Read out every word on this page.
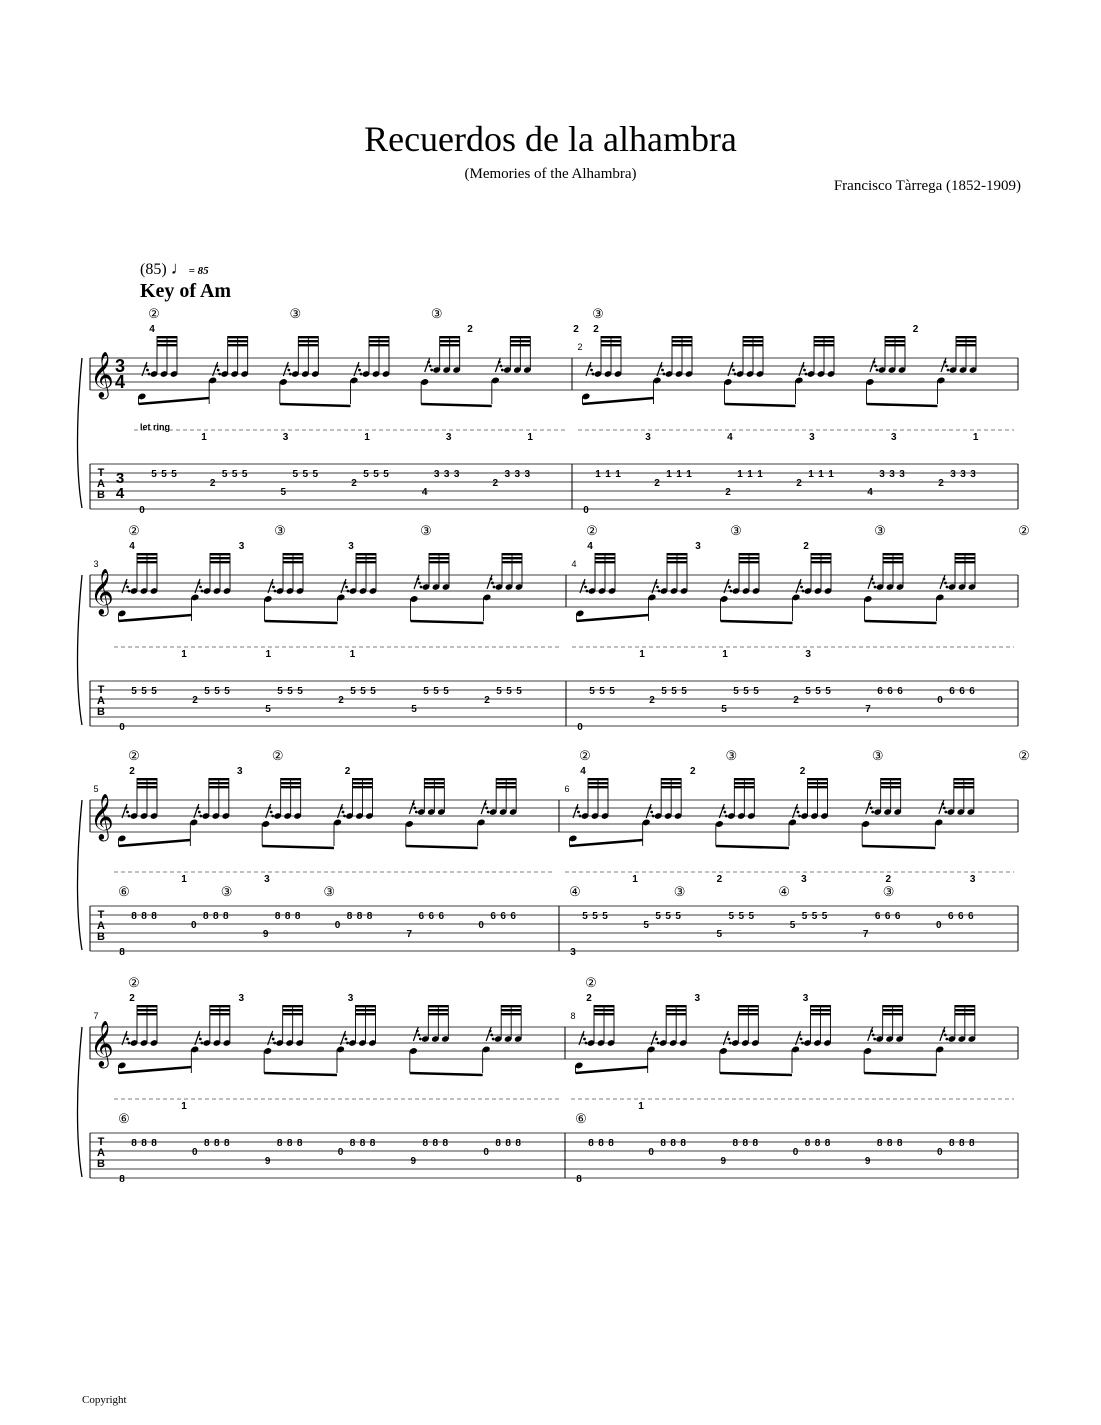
Recuerdos de la alhambra
(Memories of the Alhambra)
Francisco Tàrrega (1852-1909)
(85) ♩= 85
Key of Am
𝄞
T
A
B
3
4
3
4
let ring
1	3	1	3	1
4	2	2
②	③	③
5 5 5	5 5 5	5 5 5	5 5 5	3 3 3	3 3 3
0
2
5
2
4
2
2
3	4	3	3	1
2	2
③
1 1 1	1 1 1	1 1 1	1 1 1	3 3 3	3 3 3
0
2
2
2
4
2
𝄞
T
A
B
3
1	1	1
4	3	3
②	③	③
5 5 5	5 5 5	5 5 5	5 5 5	5 5 5	5 5 5
0
2
5
2
5
2
4
1	1	3
4	3	2
②	③	③	②
5 5 5	5 5 5	5 5 5	5 5 5	6 6 6	6 6 6
0
2
5
2
7
0
𝄞
T
A
B
5
1	3
⑥	③	③
2	3	2
②	②
8 8 8	8 8 8	8 8 8	8 8 8	6 6 6	6 6 6
8
0
9
0
7
0
6
1	2	3	2	3
④	③	④	③
4	2	2
②	③	③	②
5 5 5	5 5 5	5 5 5	5 5 5	6 6 6	6 6 6
3
5
5
5
7
0
𝄞
T
A
B
7
1
⑥
2	3	3
②
8 8 8	8 8 8	8 8 8	8 8 8	8 8 8	8 8 8
8
0
9
0
9
0
8
1
⑥
2	3	3
②
8 8 8	8 8 8	8 8 8	8 8 8	8 8 8	8 8 8
8
0
9
0
9
0
Copyright
